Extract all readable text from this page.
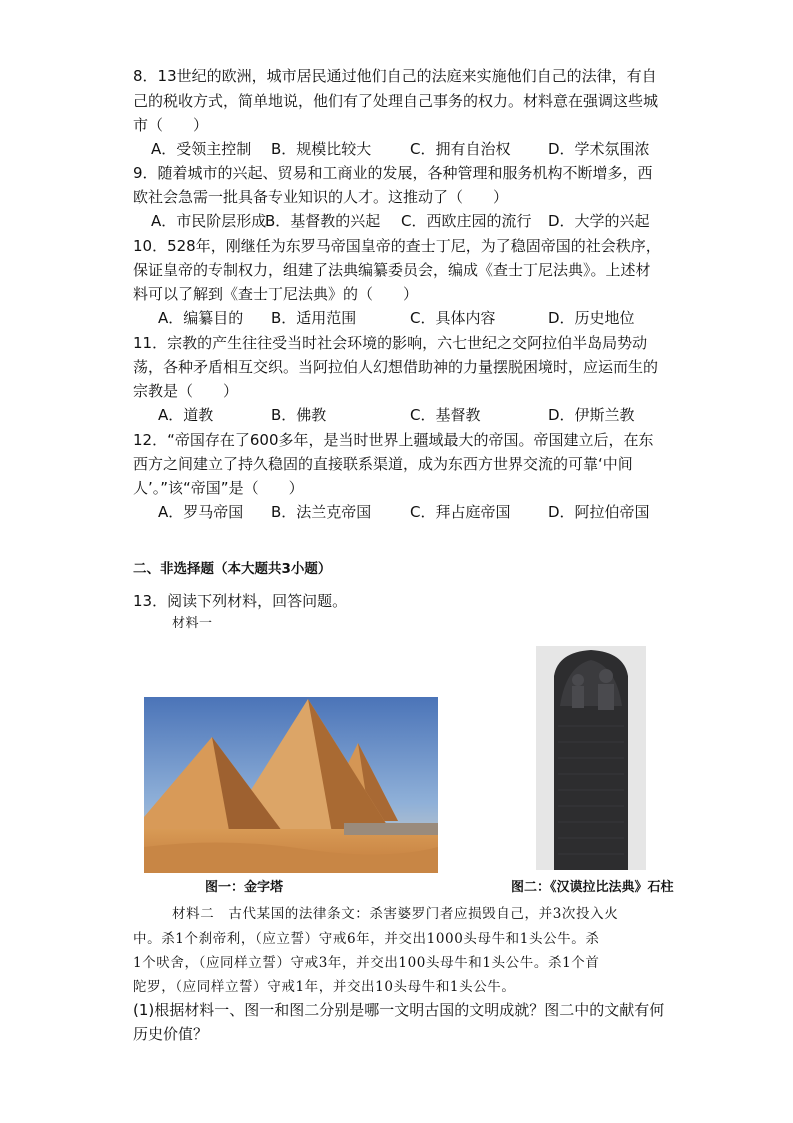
8．13世纪的欧洲，城市居民通过他们自己的法庭来实施他们自己的法律，有自
己的税收方式，简单地说，他们有了处理自己事务的权力。材料意在强调这些城
市（　　）
A．受领主控制 B．规模比较大	C．拥有自治权	D．学术氛围浓
9．随着城市的兴起、贸易和工商业的发展，各种管理和服务机构不断增多，西
欧社会急需一批具备专业知识的人才。这推动了（　　）
A．市民阶层形成
B．基督教的兴起 C．西欧庄园的流行 D．大学的兴起
10．528年，刚继任为东罗马帝国皇帝的查士丁尼，为了稳固帝国的社会秩序，
保证皇帝的专制权力，组建了法典编纂委员会，编成《查士丁尼法典》。上述材
料可以了解到《查士丁尼法典》的（　　）
A．编纂目的 B．适用范围	C．具体内容	D．历史地位
11．宗教的产生往往受当时社会环境的影响，六七世纪之交阿拉伯半岛局势动
荡，各种矛盾相互交织。当阿拉伯人幻想借助神的力量摆脱困境时，应运而生的
宗教是（　　）
A．道教	B．佛教	C．基督教	D．伊斯兰教
12．“帝国存在了600多年，是当时世界上疆域最大的帝国。帝国建立后，在东
西方之间建立了持久稳固的直接联系渠道，成为东西方世界交流的可靠‘中间
人’。”该“帝国”是（　　）
A．罗马帝国 B．法兰克帝国	C．拜占庭帝国	D．阿拉伯帝国
二、非选择题（本大题共3小题）
13．阅读下列材料，回答问题。
材料一
图一：金字塔	图二：《汉谟拉比法典》石柱
材料二　古代某国的法律条文：杀害婆罗门者应损毁自己，并3次投入火
中。杀1个刹帝利，（应立誓）守戒6年，并交出1000头母牛和1头公牛。杀
1个吠舍，（应同样立誓）守戒3年，并交出100头母牛和1头公牛。杀1个首
陀罗，（应同样立誓）守戒1年，并交出10头母牛和1头公牛。
(1)根据材料一、图一和图二分别是哪一文明古国的文明成就？图二中的文献有何
历史价值？
